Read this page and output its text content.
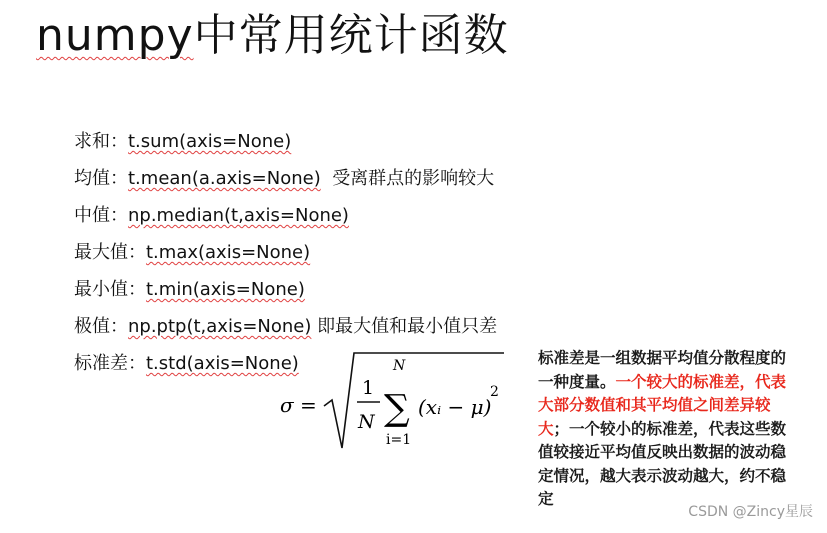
numpy中常用统计函数
求和：t.sum(axis=None)
均值：t.mean(a.axis=None) 受离群点的影响较大
中值：np.median(t,axis=None)
最大值：t.max(axis=None)
最小值：t.min(axis=None)
极值：np.ptp(t,axis=None) 即最大值和最小值只差
标准差：t.std(axis=None)
σ =
1
N
N
∑
i=1
(xᵢ − μ)
2
标准差是一组数据平均值分散程度的一种度量。一个较大的标准差，代表大部分数值和其平均值之间差异较大；一个较小的标准差，代表这些数值较接近平均值反映出数据的波动稳定情况，越大表示波动越大，约不稳定
CSDN @Zincy星辰
